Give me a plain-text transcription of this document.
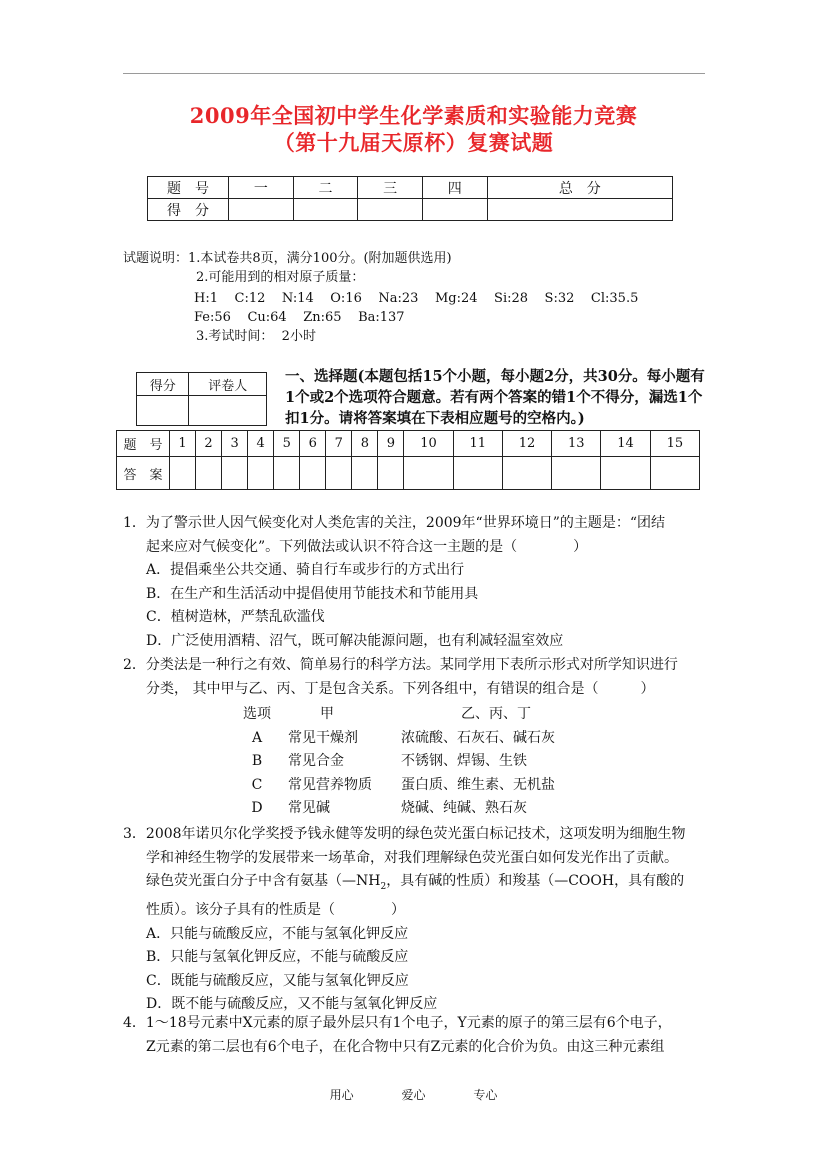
2009年全国初中学生化学素质和实验能力竞赛
（第十九届天原杯）复赛试题
题　号	一	二	三	四	总　分
得　分					
试题说明：1.本试卷共8页，满分100分。(附加题供选用)
2.可能用到的相对原子质量：
H:1    C:12    N:14    O:16    Na:23    Mg:24    Si:28    S:32    Cl:35.5
Fe:56    Cu:64    Zn:65    Ba:137
3.考试时间：  2小时
得分	评卷人

一、选择题(本题包括15个小题，每小题2分，共30分。每小题有1个或2个选项符合题意。若有两个答案的错1个不得分，漏选1个扣1分。请将答案填在下表相应题号的空格内。)
题　号	1	2	3	4	5	6	7	8	9	10	11	12	13	14	15
答　案															

1．为了警示世人因气候变化对人类危害的关注，2009年“世界环境日”的主题是：“团结

起来应对气候变化”。下列做法或认识不符合这一主题的是（　　　　）

A．提倡乘坐公共交通、骑自行车或步行的方式出行

B．在生产和生活活动中提倡使用节能技术和节能用具

C．植树造林，严禁乱砍滥伐

D．广泛使用酒精、沼气，既可解决能源问题，也有利减轻温室效应

2．分类法是一种行之有效、简单易行的科学方法。某同学用下表所示形式对所学知识进行

分类， 其中甲与乙、丙、丁是包含关系。下列各组中，有错误的组合是（　　　）

选项	甲	乙、丙、丁
A	常见干燥剂	浓硫酸、石灰石、碱石灰
B	常见合金	不锈钢、焊锡、生铁
C	常见营养物质	蛋白质、维生素、无机盐
D	常见碱	烧碱、纯碱、熟石灰

3．2008年诺贝尔化学奖授予钱永健等发明的绿色荧光蛋白标记技术，这项发明为细胞生物

学和神经生物学的发展带来一场革命，对我们理解绿色荧光蛋白如何发光作出了贡献。

绿色荧光蛋白分子中含有氨基（$—NH_2$，具有碱的性质）和羧基（—COOH，具有酸的

性质）。该分子具有的性质是（　　　　）

A．只能与硫酸反应，不能与氢氧化钾反应

B．只能与氢氧化钾反应，不能与硫酸反应

C．既能与硫酸反应，又能与氢氧化钾反应

D．既不能与硫酸反应，又不能与氢氧化钾反应

4．1～18号元素中X元素的原子最外层只有1个电子，Y元素的原子的第三层有6个电子，

Z元素的第二层也有6个电子，在化合物中只有Z元素的化合价为负。由这三种元素组

用心	爱心	专心
